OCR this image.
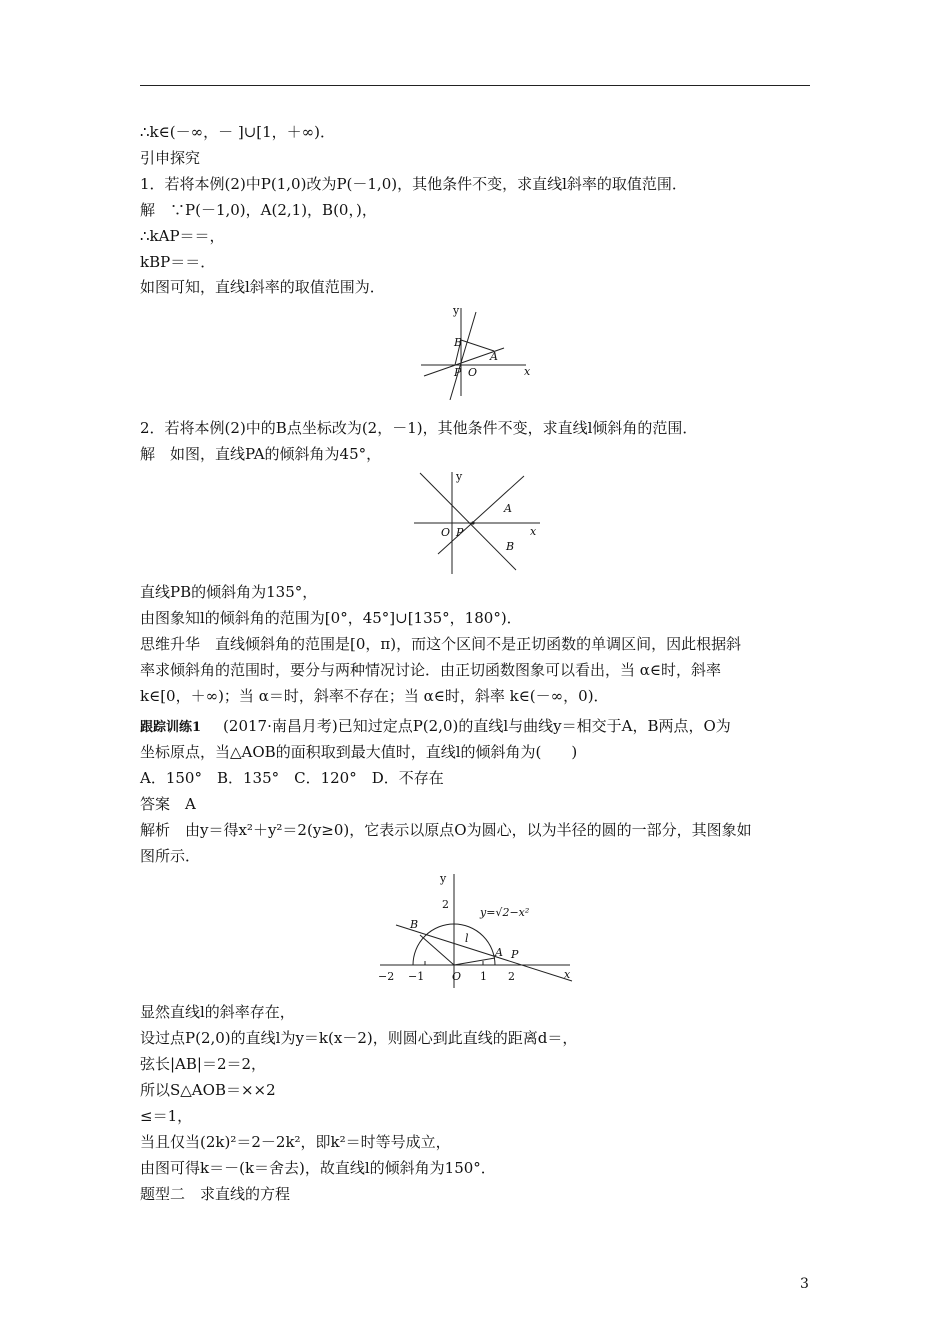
∴k∈(－∞，－ ]∪[1，＋∞)．
引申探究
1．若将本例(2)中P(1,0)改为P(－1,0)，其他条件不变，求直线l斜率的取值范围．
解　∵P(－1,0)，A(2,1)，B(0，)，
∴kAP＝＝，
kBP＝＝．
如图可知，直线l斜率的取值范围为．
y
x
B
A
P O
2．若将本例(2)中的B点坐标改为(2，－1)，其他条件不变，求直线l倾斜角的范围．
解　如图，直线PA的倾斜角为45°，
y
x
A
B
O P
直线PB的倾斜角为135°，
由图象知l的倾斜角的范围为[0°，45°]∪[135°，180°)．
思维升华　直线倾斜角的范围是[0，π)，而这个区间不是正切函数的单调区间，因此根据斜
率求倾斜角的范围时，要分与两种情况讨论．由正切函数图象可以看出，当 α∈时，斜率
k∈[0，＋∞)；当 α＝时，斜率不存在；当 α∈时，斜率 k∈(－∞，0)．
跟踪训练1 (2017·南昌月考)已知过定点P(2,0)的直线l与曲线y＝相交于A，B两点，O为
坐标原点，当△AOB的面积取到最大值时，直线l的倾斜角为(　　)
A．150°　B．135°　C．120°　D．不存在
答案　A
解析　由y＝得x²＋y²＝2(y≥0)，它表示以原点O为圆心，以为半径的圆的一部分，其图象如
图所示．
y
x
2
y=√2−x²
B
l
A P
−2 −1	O 1 2
显然直线l的斜率存在，
设过点P(2,0)的直线l为y＝k(x－2)，则圆心到此直线的距离d＝，
弦长|AB|＝2＝2，
所以S△AOB＝××2
≤＝1，
当且仅当(2k)²＝2－2k²，即k²＝时等号成立，
由图可得k＝－(k＝舍去)，故直线l的倾斜角为150°．
题型二　求直线的方程
3
